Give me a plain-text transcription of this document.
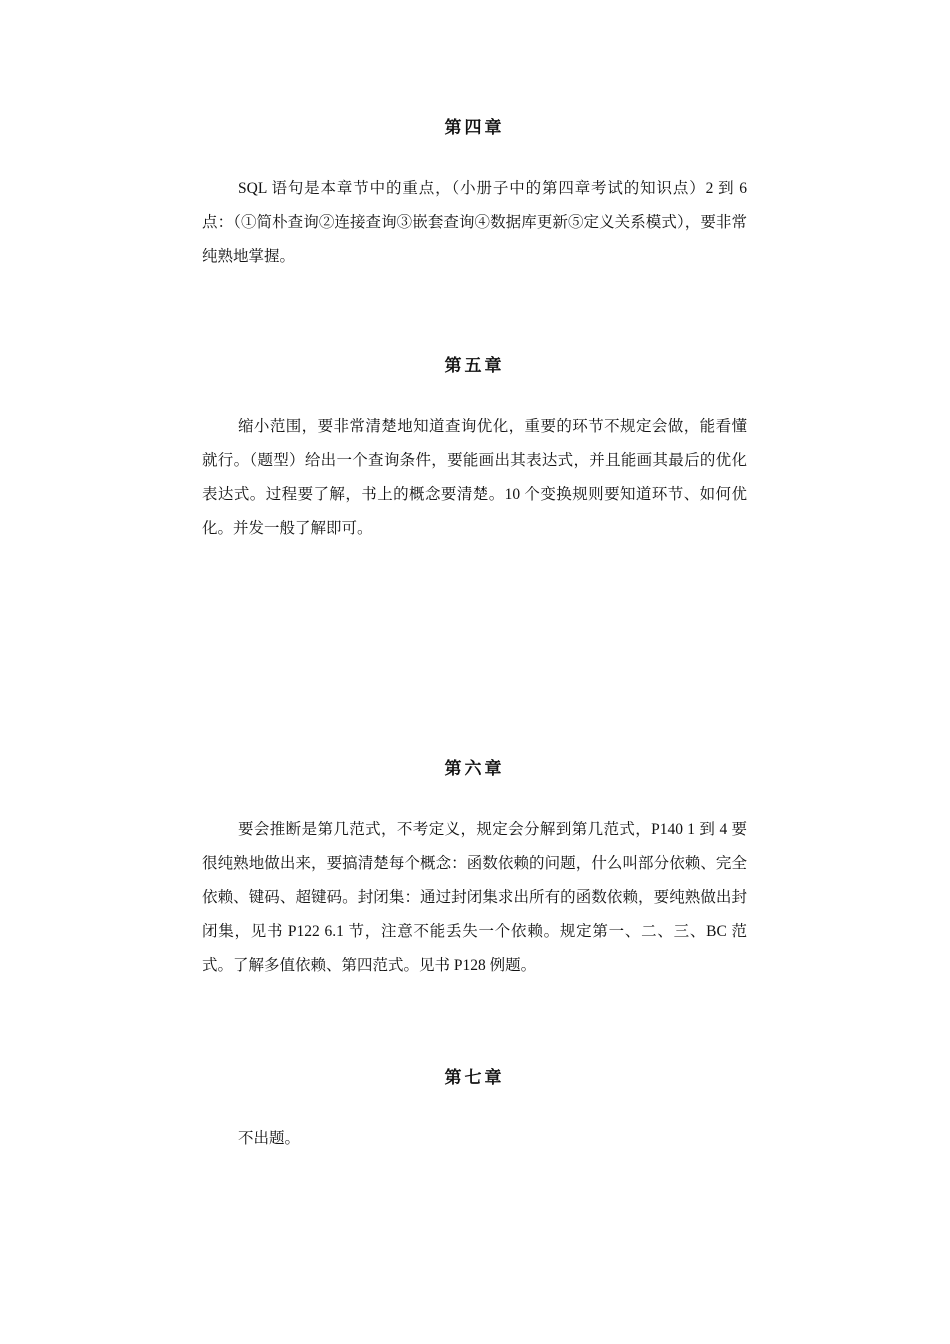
第四章

SQL 语句是本章节中的重点，（小册子中的第四章考试的知识点）2 到 6 点：（①简朴查询②连接查询③嵌套查询④数据库更新⑤定义关系模式），要非常纯熟地掌握。

第五章

缩小范围，要非常清楚地知道查询优化，重要的环节不规定会做，能看懂就行。（题型）给出一个查询条件，要能画出其表达式，并且能画其最后的优化表达式。过程要了解，书上的概念要清楚。10 个变换规则要知道环节、如何优化。并发一般了解即可。

第六章

要会推断是第几范式，不考定义，规定会分解到第几范式，P140 1 到 4 要很纯熟地做出来，要搞清楚每个概念：函数依赖的问题，什么叫部分依赖、完全依赖、键码、超键码。封闭集：通过封闭集求出所有的函数依赖，要纯熟做出封闭集，见书 P122 6.1 节，注意不能丢失一个依赖。规定第一、二、三、BC 范式。了解多值依赖、第四范式。见书 P128 例题。

第七章

不出题。
